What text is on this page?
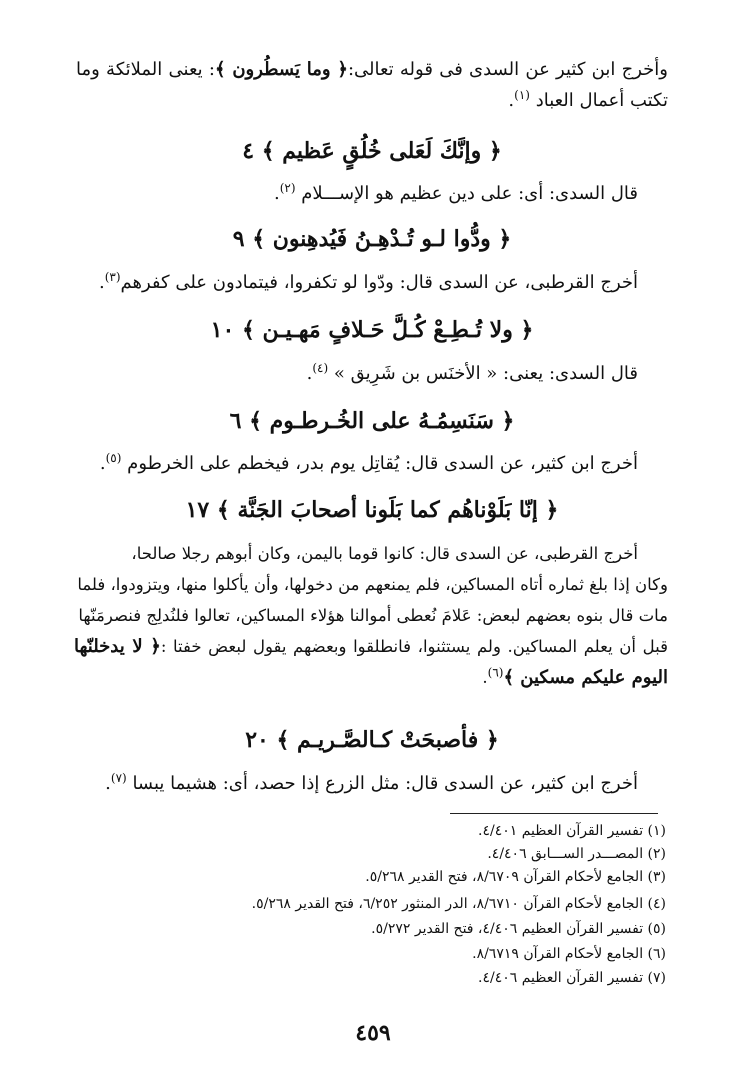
وأخرج ابن كثير عن السدى فى قوله تعالى:﴿ وما يَسطُرون ﴾: يعنى الملائكة وما تكتب أعمال العباد $^{(١)}$.
﴿ وإنَّكَ لَعَلى خُلُقٍ عَظيم ﴾ ٤
قال السدى: أى: على دين عظيم هو الإســـلام $^{(٢)}$.
﴿ ودُّوا لـو تُـدْهِـنُ فَيُدهِنون ﴾ ٩
أخرج القرطبى، عن السدى قال: ودّوا لو تكفروا، فيتمادون على كفرهم$^{(٣)}$.
﴿ ولا تُـطِـعْ كُـلَّ حَـلافٍ مَهـيـن ﴾ ١٠
قال السدى: يعنى: « الأخنَس بن شَرِيق » $^{(٤)}$.
﴿ سَنَسِمُـهُ على الخُـرطـوم ﴾ ٦
أخرج ابن كثير، عن السدى قال: يُقاتِل يوم بدر، فيخطم على الخرطوم $^{(٥)}$.
﴿ إنّا بَلَوْناهُم كما بَلَونا أصحابَ الجَنَّة ﴾ ١٧
أخرج القرطبى، عن السدى قال: كانوا قوما باليمن، وكان أبوهم رجلا صالحا،
وكان إذا بلغ ثماره أتاه المساكين، فلم يمنعهم من دخولها، وأن يأكلوا منها، ويتزودوا، فلما
مات قال بنوه بعضهم لبعض: عَلامَ نُعطى أموالنا هؤلاء المساكين، تعالوا فلنُدلِج فنصرمَنّها
قبل أن يعلم المساكين. ولم يستثنوا، فانطلقوا وبعضهم يقول لبعض خفتا :﴿ لا يدخلنّها اليوم عليكم مسكين ﴾$^{(٦)}$.
﴿ فأصبحَتْ كـالصَّـريـم ﴾ ٢٠
أخرج ابن كثير، عن السدى قال: مثل الزرع إذا حصد، أى: هشيما يبسا $^{(٧)}$.
(١) تفسير القرآن العظيم ٤/٤٠١.
(٢) المصـــدر الســـابق ٤/٤٠٦.
(٣) الجامع لأحكام القرآن ٨/٦٧٠٩، فتح القدير ٥/٢٦٨.
(٤) الجامع لأحكام القرآن ٨/٦٧١٠، الدر المنثور ٦/٢٥٢، فتح القدير ٥/٢٦٨.
(٥) تفسير القرآن العظيم ٤/٤٠٦، فتح القدير ٥/٢٧٢.
(٦) الجامع لأحكام القرآن ٨/٦٧١٩.
(٧) تفسير القرآن العظيم ٤/٤٠٦.
٤٥٩
